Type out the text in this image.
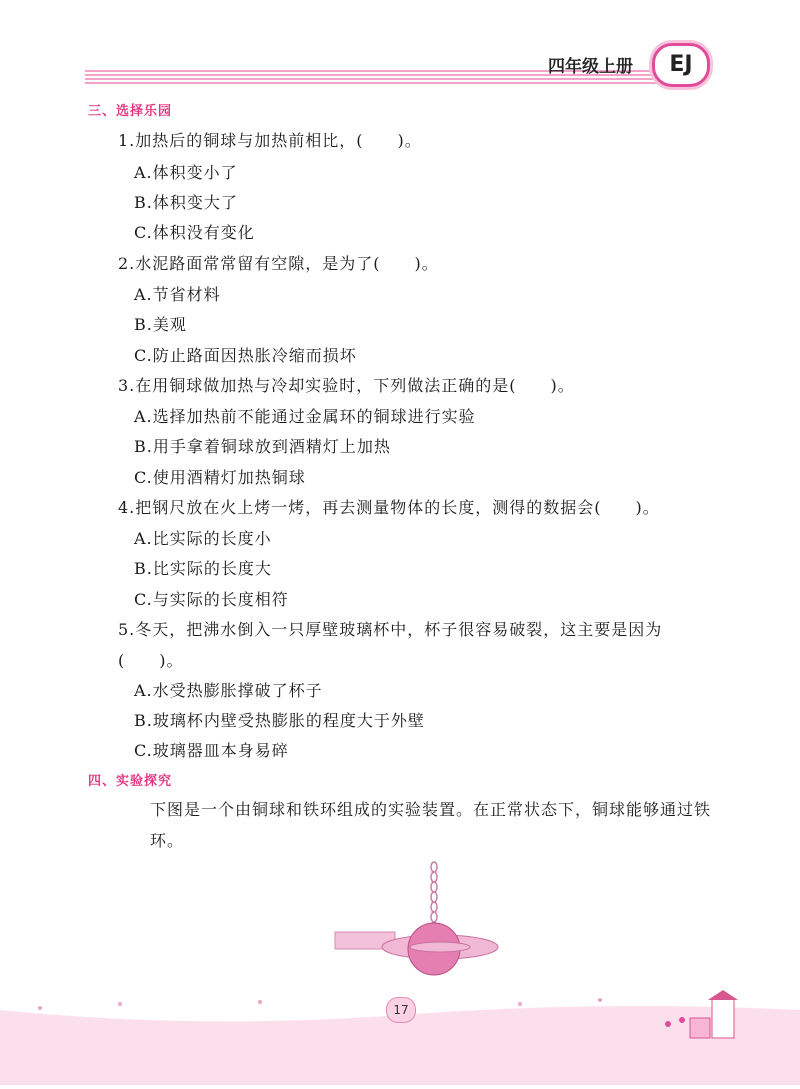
四年级上册	EJ
三、选择乐园
1.加热后的铜球与加热前相比，(　　)。
A.体积变小了
B.体积变大了
C.体积没有变化
2.水泥路面常常留有空隙，是为了(　　)。
A.节省材料
B.美观
C.防止路面因热胀冷缩而损坏
3.在用铜球做加热与冷却实验时，下列做法正确的是(　　)。
A.选择加热前不能通过金属环的铜球进行实验
B.用手拿着铜球放到酒精灯上加热
C.使用酒精灯加热铜球
4.把钢尺放在火上烤一烤，再去测量物体的长度，测得的数据会(　　)。
A.比实际的长度小
B.比实际的长度大
C.与实际的长度相符
5.冬天，把沸水倒入一只厚壁玻璃杯中，杯子很容易破裂，这主要是因为
(　　)。
A.水受热膨胀撑破了杯子
B.玻璃杯内壁受热膨胀的程度大于外壁
C.玻璃器皿本身易碎
四、实验探究
下图是一个由铜球和铁环组成的实验装置。在正常状态下，铜球能够通过铁环。
17
